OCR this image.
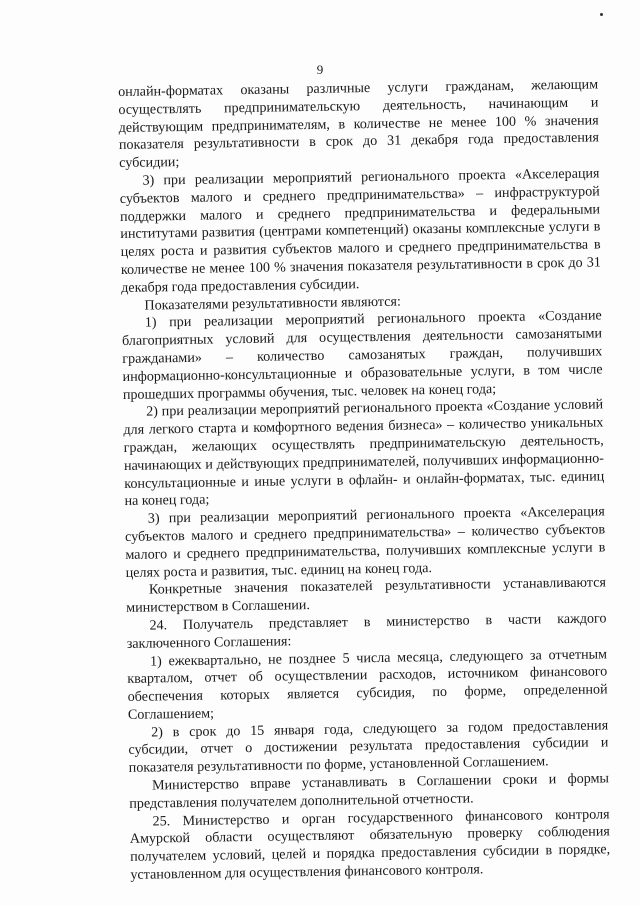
9

онлайн-форматах оказаны различные услуги гражданам, желающим осуществлять предпринимательскую деятельность, начинающим и действующим предпринимателям, в количестве не менее 100 % значения показателя результативности в срок до 31 декабря года предоставления субсидии;

3) при реализации мероприятий регионального проекта «Акселерация субъектов малого и среднего предпринимательства» – инфраструктурой поддержки малого и среднего предпринимательства и федеральными институтами развития (центрами компетенций) оказаны комплексные услуги в целях роста и развития субъектов малого и среднего предпринимательства в количестве не менее 100 % значения показателя результативности в срок до 31 декабря года предоставления субсидии.

Показателями результативности являются:

1) при реализации мероприятий регионального проекта «Создание благоприятных условий для осуществления деятельности самозанятыми гражданами» – количество самозанятых граждан, получивших информационно-консультационные и образовательные услуги, в том числе прошедших программы обучения, тыс. человек на конец года;

2) при реализации мероприятий регионального проекта «Создание условий для легкого старта и комфортного ведения бизнеса» – количество уникальных граждан, желающих осуществлять предпринимательскую деятельность, начинающих и действующих предпринимателей, получивших информационно-консультационные и иные услуги в офлайн- и онлайн-форматах, тыс. единиц на конец года;

3) при реализации мероприятий регионального проекта «Акселерация субъектов малого и среднего предпринимательства» – количество субъектов малого и среднего предпринимательства, получивших комплексные услуги в целях роста и развития, тыс. единиц на конец года.

Конкретные значения показателей результативности устанавливаются министерством в Соглашении.

24. Получатель представляет в министерство в части каждого заключенного Соглашения:

1) ежеквартально, не позднее 5 числа месяца, следующего за отчетным кварталом, отчет об осуществлении расходов, источником финансового обеспечения которых является субсидия, по форме, определенной Соглашением;

2) в срок до 15 января года, следующего за годом предоставления субсидии, отчет о достижении результата предоставления субсидии и показателя результативности по форме, установленной Соглашением.

Министерство вправе устанавливать в Соглашении сроки и формы представления получателем дополнительной отчетности.

25. Министерство и орган государственного финансового контроля Амурской области осуществляют обязательную проверку соблюдения получателем условий, целей и порядка предоставления субсидии в порядке, установленном для осуществления финансового контроля.
